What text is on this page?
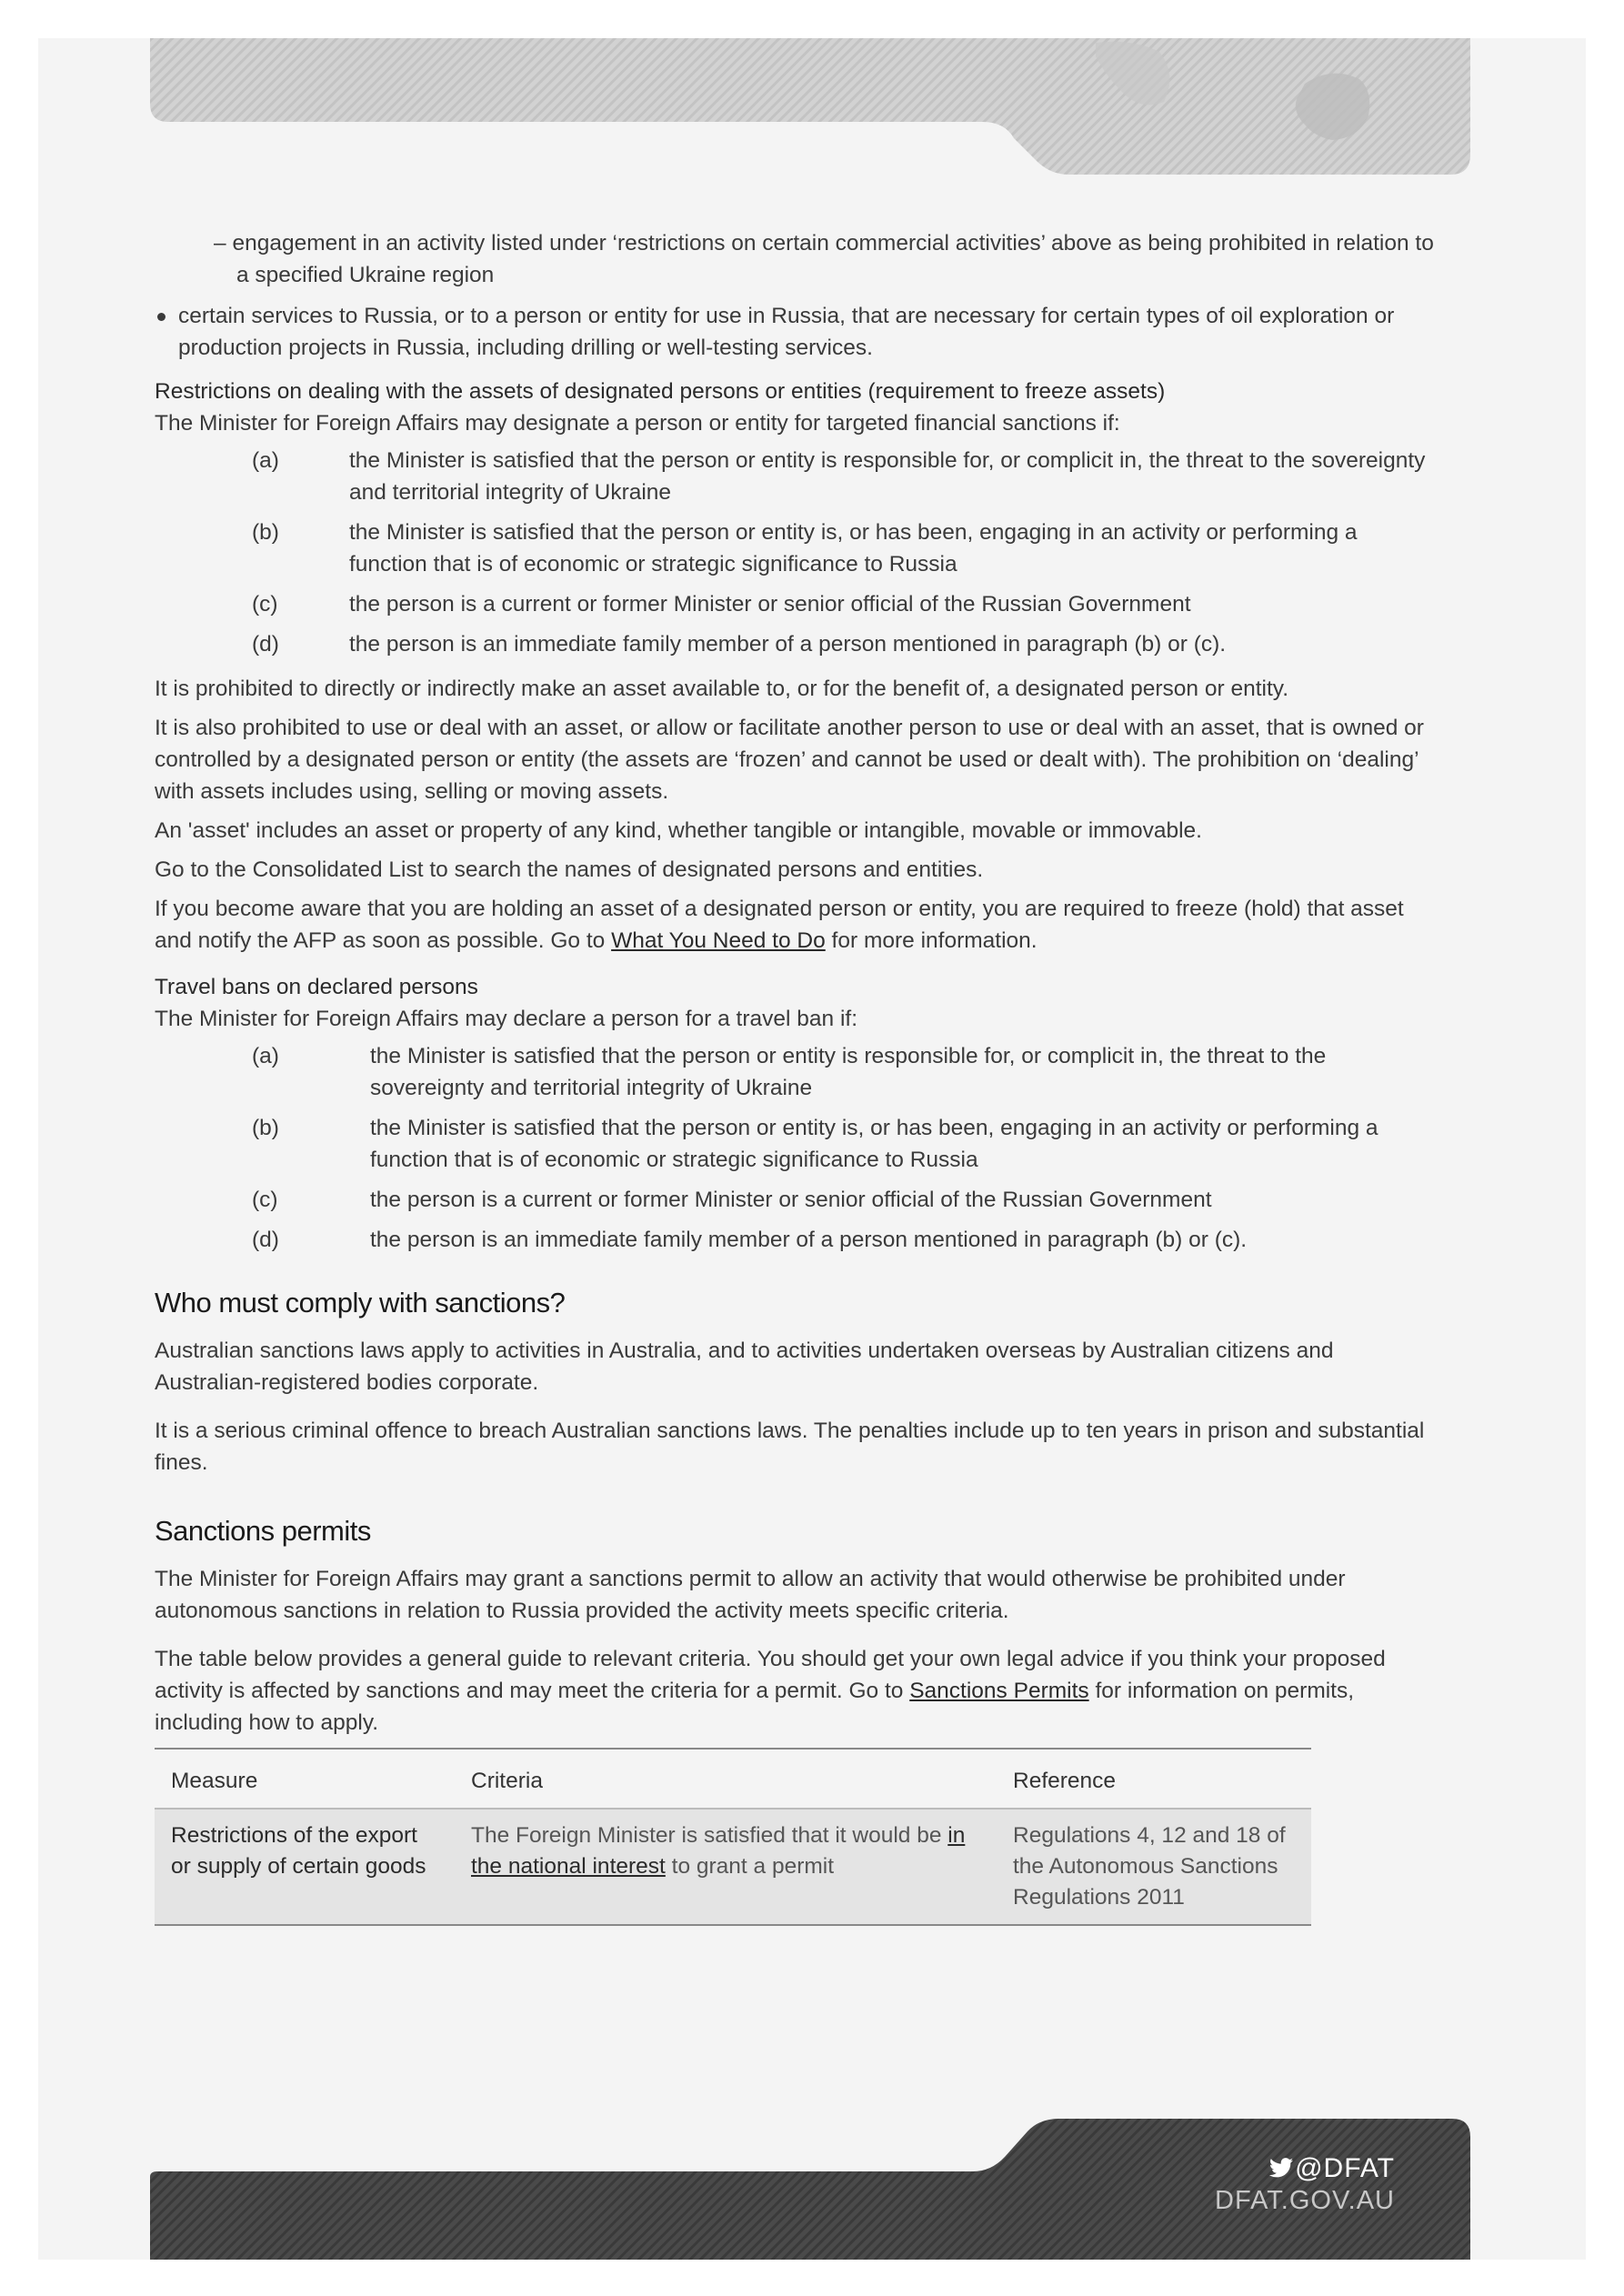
– engagement in an activity listed under ‘restrictions on certain commercial activities’ above as being prohibited in relation to a specified Ukraine region

certain services to Russia, or to a person or entity for use in Russia, that are necessary for certain types of oil exploration or production projects in Russia, including drilling or well-testing services.

Restrictions on dealing with the assets of designated persons or entities (requirement to freeze assets)

The Minister for Foreign Affairs may designate a person or entity for targeted financial sanctions if:

(a)	the Minister is satisfied that the person or entity is responsible for, or complicit in, the threat to the sovereignty and territorial integrity of Ukraine
(b)	the Minister is satisfied that the person or entity is, or has been, engaging in an activity or performing a function that is of economic or strategic significance to Russia
(c)	the person is a current or former Minister or senior official of the Russian Government
(d)	the person is an immediate family member of a person mentioned in paragraph (b) or (c).

It is prohibited to directly or indirectly make an asset available to, or for the benefit of, a designated person or entity.

It is also prohibited to use or deal with an asset, or allow or facilitate another person to use or deal with an asset, that is owned or controlled by a designated person or entity (the assets are ‘frozen’ and cannot be used or dealt with). The prohibition on ‘dealing’ with assets includes using, selling or moving assets.

An 'asset' includes an asset or property of any kind, whether tangible or intangible, movable or immovable.

Go to the Consolidated List to search the names of designated persons and entities.

If you become aware that you are holding an asset of a designated person or entity, you are required to freeze (hold) that asset and notify the AFP as soon as possible. Go to What You Need to Do for more information.

Travel bans on declared persons

The Minister for Foreign Affairs may declare a person for a travel ban if:

(a)	the Minister is satisfied that the person or entity is responsible for, or complicit in, the threat to the sovereignty and territorial integrity of Ukraine
(b)	the Minister is satisfied that the person or entity is, or has been, engaging in an activity or performing a function that is of economic or strategic significance to Russia
(c)	the person is a current or former Minister or senior official of the Russian Government
(d)	the person is an immediate family member of a person mentioned in paragraph (b) or (c).
Who must comply with sanctions?

Australian sanctions laws apply to activities in Australia, and to activities undertaken overseas by Australian citizens and Australian-registered bodies corporate.

It is a serious criminal offence to breach Australian sanctions laws. The penalties include up to ten years in prison and substantial fines.

Sanctions permits

The Minister for Foreign Affairs may grant a sanctions permit to allow an activity that would otherwise be prohibited under autonomous sanctions in relation to Russia provided the activity meets specific criteria.

The table below provides a general guide to relevant criteria. You should get your own legal advice if you think your proposed activity is affected by sanctions and may meet the criteria for a permit. Go to Sanctions Permits for information on permits, including how to apply.

Measure	Criteria	Reference
Restrictions of the export or supply of certain goods	The Foreign Minister is satisfied that it would be in the national interest to grant a permit	Regulations 4, 12 and 18 of the Autonomous Sanctions Regulations 2011
@DFAT
DFAT.GOV.AU
